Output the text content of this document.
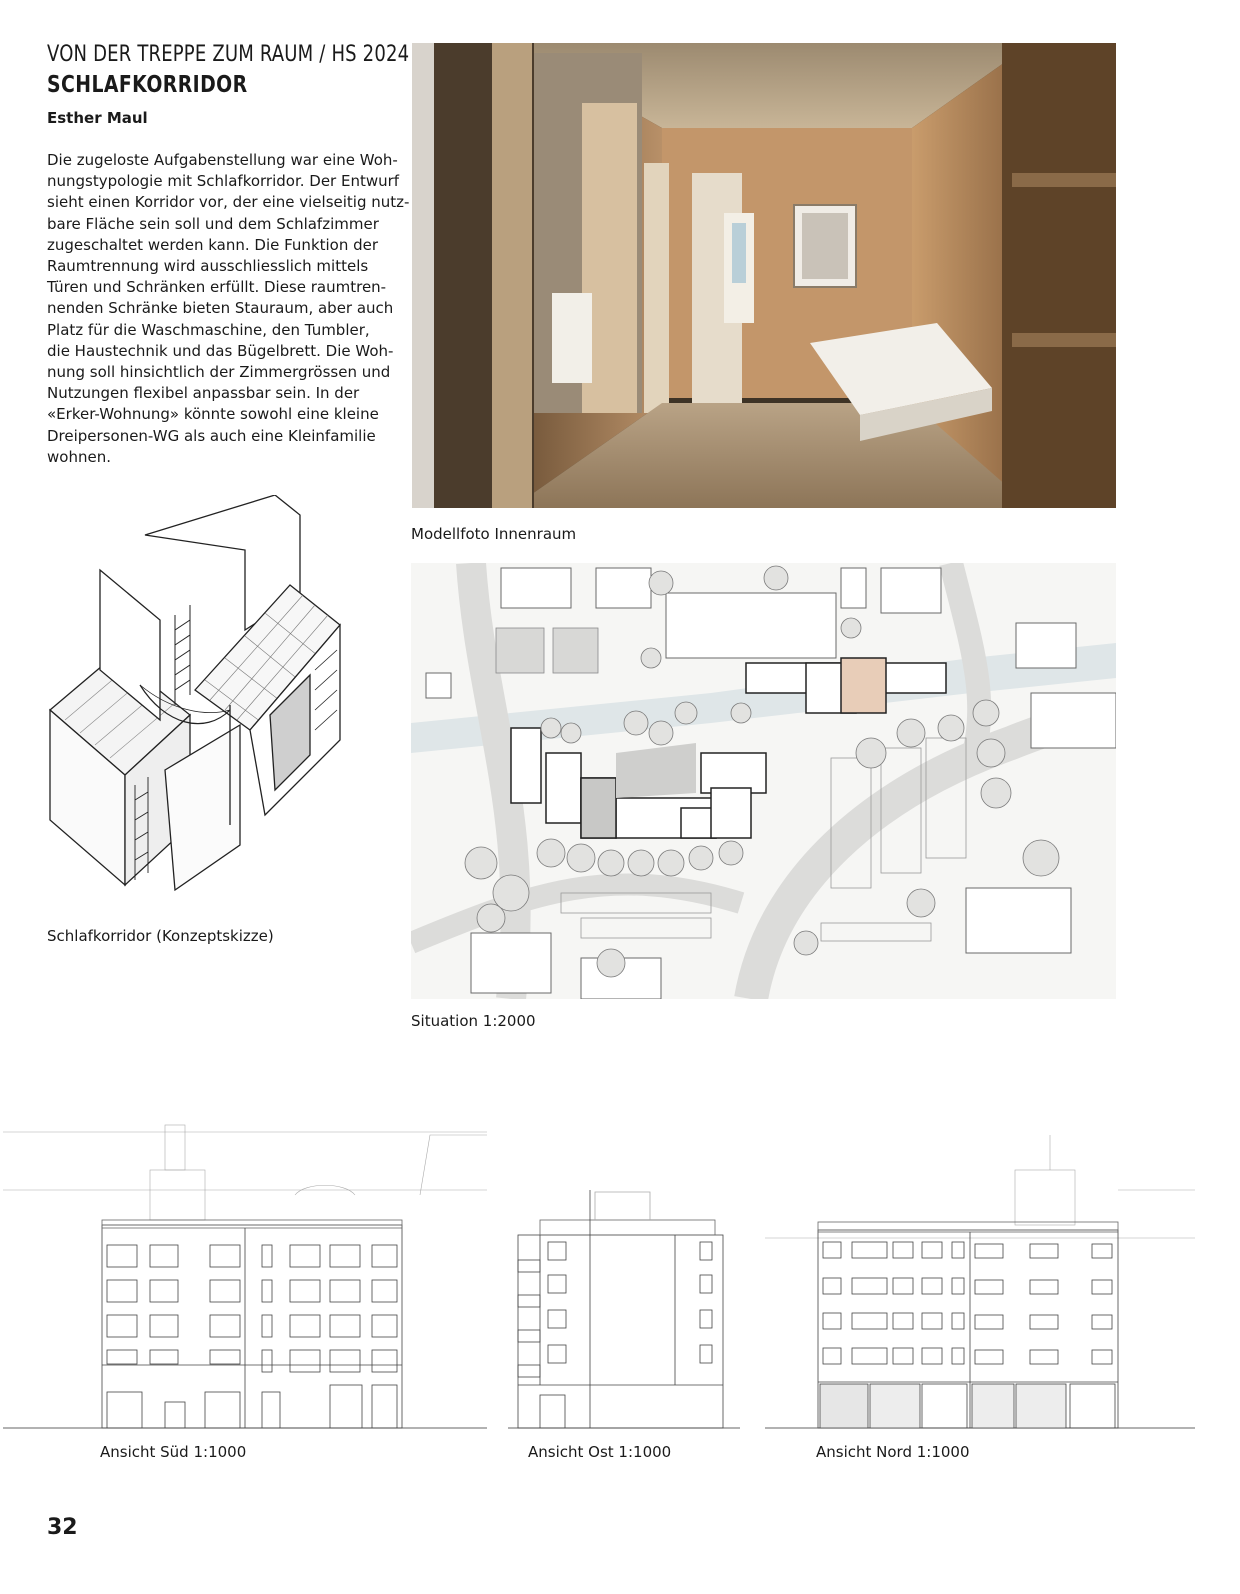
VON DER TREPPE ZUM RAUM / HS 2024
SCHLAFKORRIDOR
Esther Maul

Die zugeloste Aufgabenstellung war eine Woh-
nungstypologie mit Schlafkorridor. Der Entwurf
sieht einen Korridor vor, der eine vielseitig nutz-
bare Fläche sein soll und dem Schlafzimmer
zugeschaltet werden kann. Die Funktion der
Raumtrennung wird ausschliesslich mittels
Türen und Schränken erfüllt. Diese raumtren-
nenden Schränke bieten Stauraum, aber auch
Platz für die Waschmaschine, den Tumbler,
die Haustechnik und das Bügelbrett. Die Woh-
nung soll hinsichtlich der Zimmergrössen und
Nutzungen flexibel anpassbar sein. In der
«Erker-Wohnung» könnte sowohl eine kleine
Dreipersonen-WG als auch eine Kleinfamilie
wohnen.

Modellfoto Innenraum
Schlafkorridor (Konzeptskizze)
Situation 1:2000
Ansicht Süd 1:1000	Ansicht Ost 1:1000	Ansicht Nord 1:1000
32
